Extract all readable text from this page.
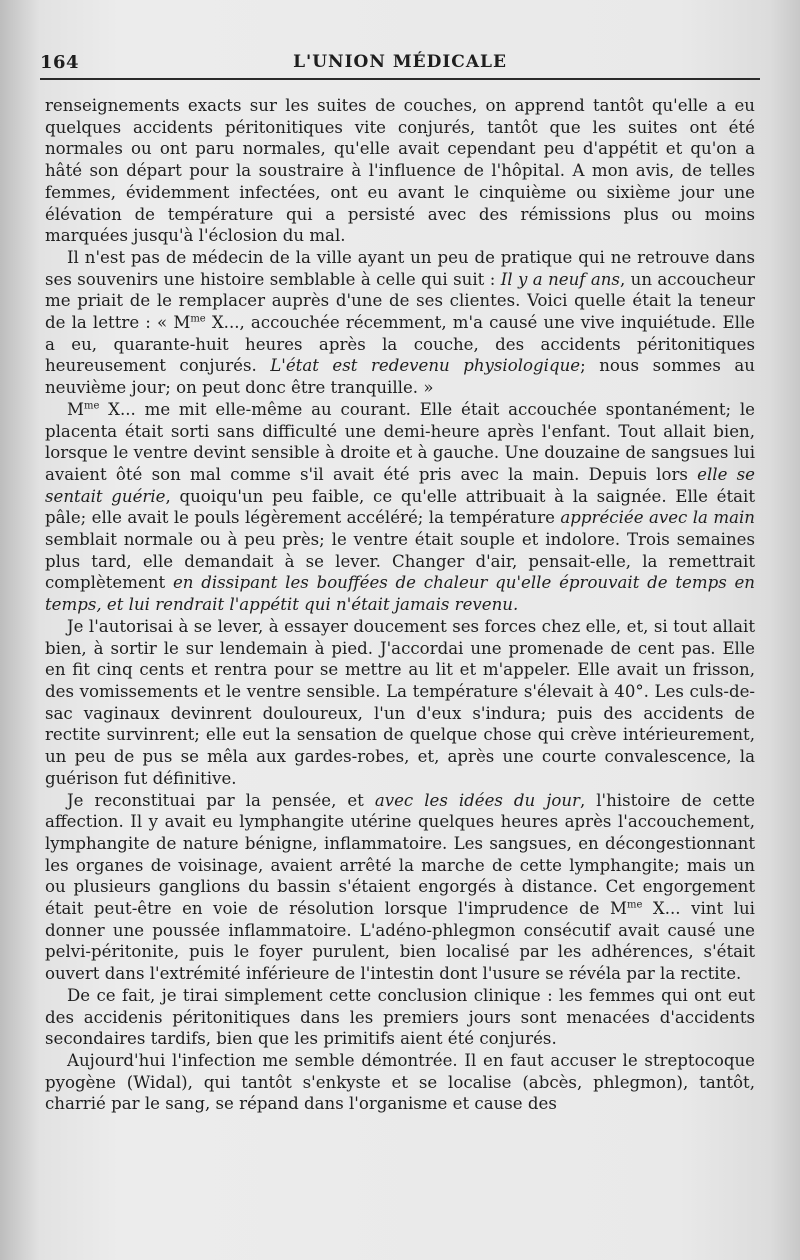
164	L'UNION MÉDICALE

renseignements exacts sur les suites de couches, on apprend tantôt qu'elle a eu quelques accidents péritonitiques vite conjurés, tantôt que les suites ont été normales ou ont paru normales, qu'elle avait cependant peu d'appétit et qu'on a hâté son départ pour la soustraire à l'influence de l'hôpital. A mon avis, de telles femmes, évidemment infectées, ont eu avant le cinquième ou sixième jour une élévation de température qui a persisté avec des rémissions plus ou moins marquées jusqu'à l'éclosion du mal.

Il n'est pas de médecin de la ville ayant un peu de pratique qui ne retrouve dans ses souvenirs une histoire semblable à celle qui suit : Il y a neuf ans, un accoucheur me priait de le remplacer auprès d'une de ses clientes. Voici quelle était la teneur de la lettre : « $M^{me}$ X..., accouchée récemment, m'a causé une vive inquiétude. Elle a eu, quarante-huit heures après la couche, des accidents péritonitiques heureusement conjurés. L'état est redevenu physiologique; nous sommes au neuvième jour; on peut donc être tranquille. »

$M^{me}$ X... me mit elle-même au courant. Elle était accouchée spontanément; le placenta était sorti sans difficulté une demi-heure après l'enfant. Tout allait bien, lorsque le ventre devint sensible à droite et à gauche. Une douzaine de sangsues lui avaient ôté son mal comme s'il avait été pris avec la main. Depuis lors elle se sentait guérie, quoiqu'un peu faible, ce qu'elle attribuait à la saignée. Elle était pâle; elle avait le pouls légèrement accéléré; la température appréciée avec la main semblait normale ou à peu près; le ventre était souple et indolore. Trois semaines plus tard, elle demandait à se lever. Changer d'air, pensait-elle, la remettrait complètement en dissipant les bouffées de chaleur qu'elle éprouvait de temps en temps, et lui rendrait l'appétit qui n'était jamais revenu.

Je l'autorisai à se lever, à essayer doucement ses forces chez elle, et, si tout allait bien, à sortir le sur lendemain à pied. J'accordai une promenade de cent pas. Elle en fit cinq cents et rentra pour se mettre au lit et m'appeler. Elle avait un frisson, des vomissements et le ventre sensible. La température s'élevait à 40°. Les culs-de-sac vaginaux devinrent douloureux, l'un d'eux s'indura; puis des accidents de rectite survinrent; elle eut la sensation de quelque chose qui crève intérieurement, un peu de pus se mêla aux gardes-robes, et, après une courte convalescence, la guérison fut définitive.

Je reconstituai par la pensée, et avec les idées du jour, l'histoire de cette affection. Il y avait eu lymphangite utérine quelques heures après l'accouchement, lymphangite de nature bénigne, inflammatoire. Les sangsues, en décongestionnant les organes de voisinage, avaient arrêté la marche de cette lymphangite; mais un ou plusieurs ganglions du bassin s'étaient engorgés à distance. Cet engorgement était peut-être en voie de résolution lorsque l'imprudence de $M^{me}$ X... vint lui donner une poussée inflammatoire. L'adéno-phlegmon consécutif avait causé une pelvi-péritonite, puis le foyer purulent, bien localisé par les adhérences, s'était ouvert dans l'extrémité inférieure de l'intestin dont l'usure se révéla par la rectite.

De ce fait, je tirai simplement cette conclusion clinique : les femmes qui ont eut des accidenis péritonitiques dans les premiers jours sont menacées d'accidents secondaires tardifs, bien que les primitifs aient été conjurés.

Aujourd'hui l'infection me semble démontrée. Il en faut accuser le streptocoque pyogène (Widal), qui tantôt s'enkyste et se localise (abcès, phlegmon), tantôt, charrié par le sang, se répand dans l'organisme et cause des
